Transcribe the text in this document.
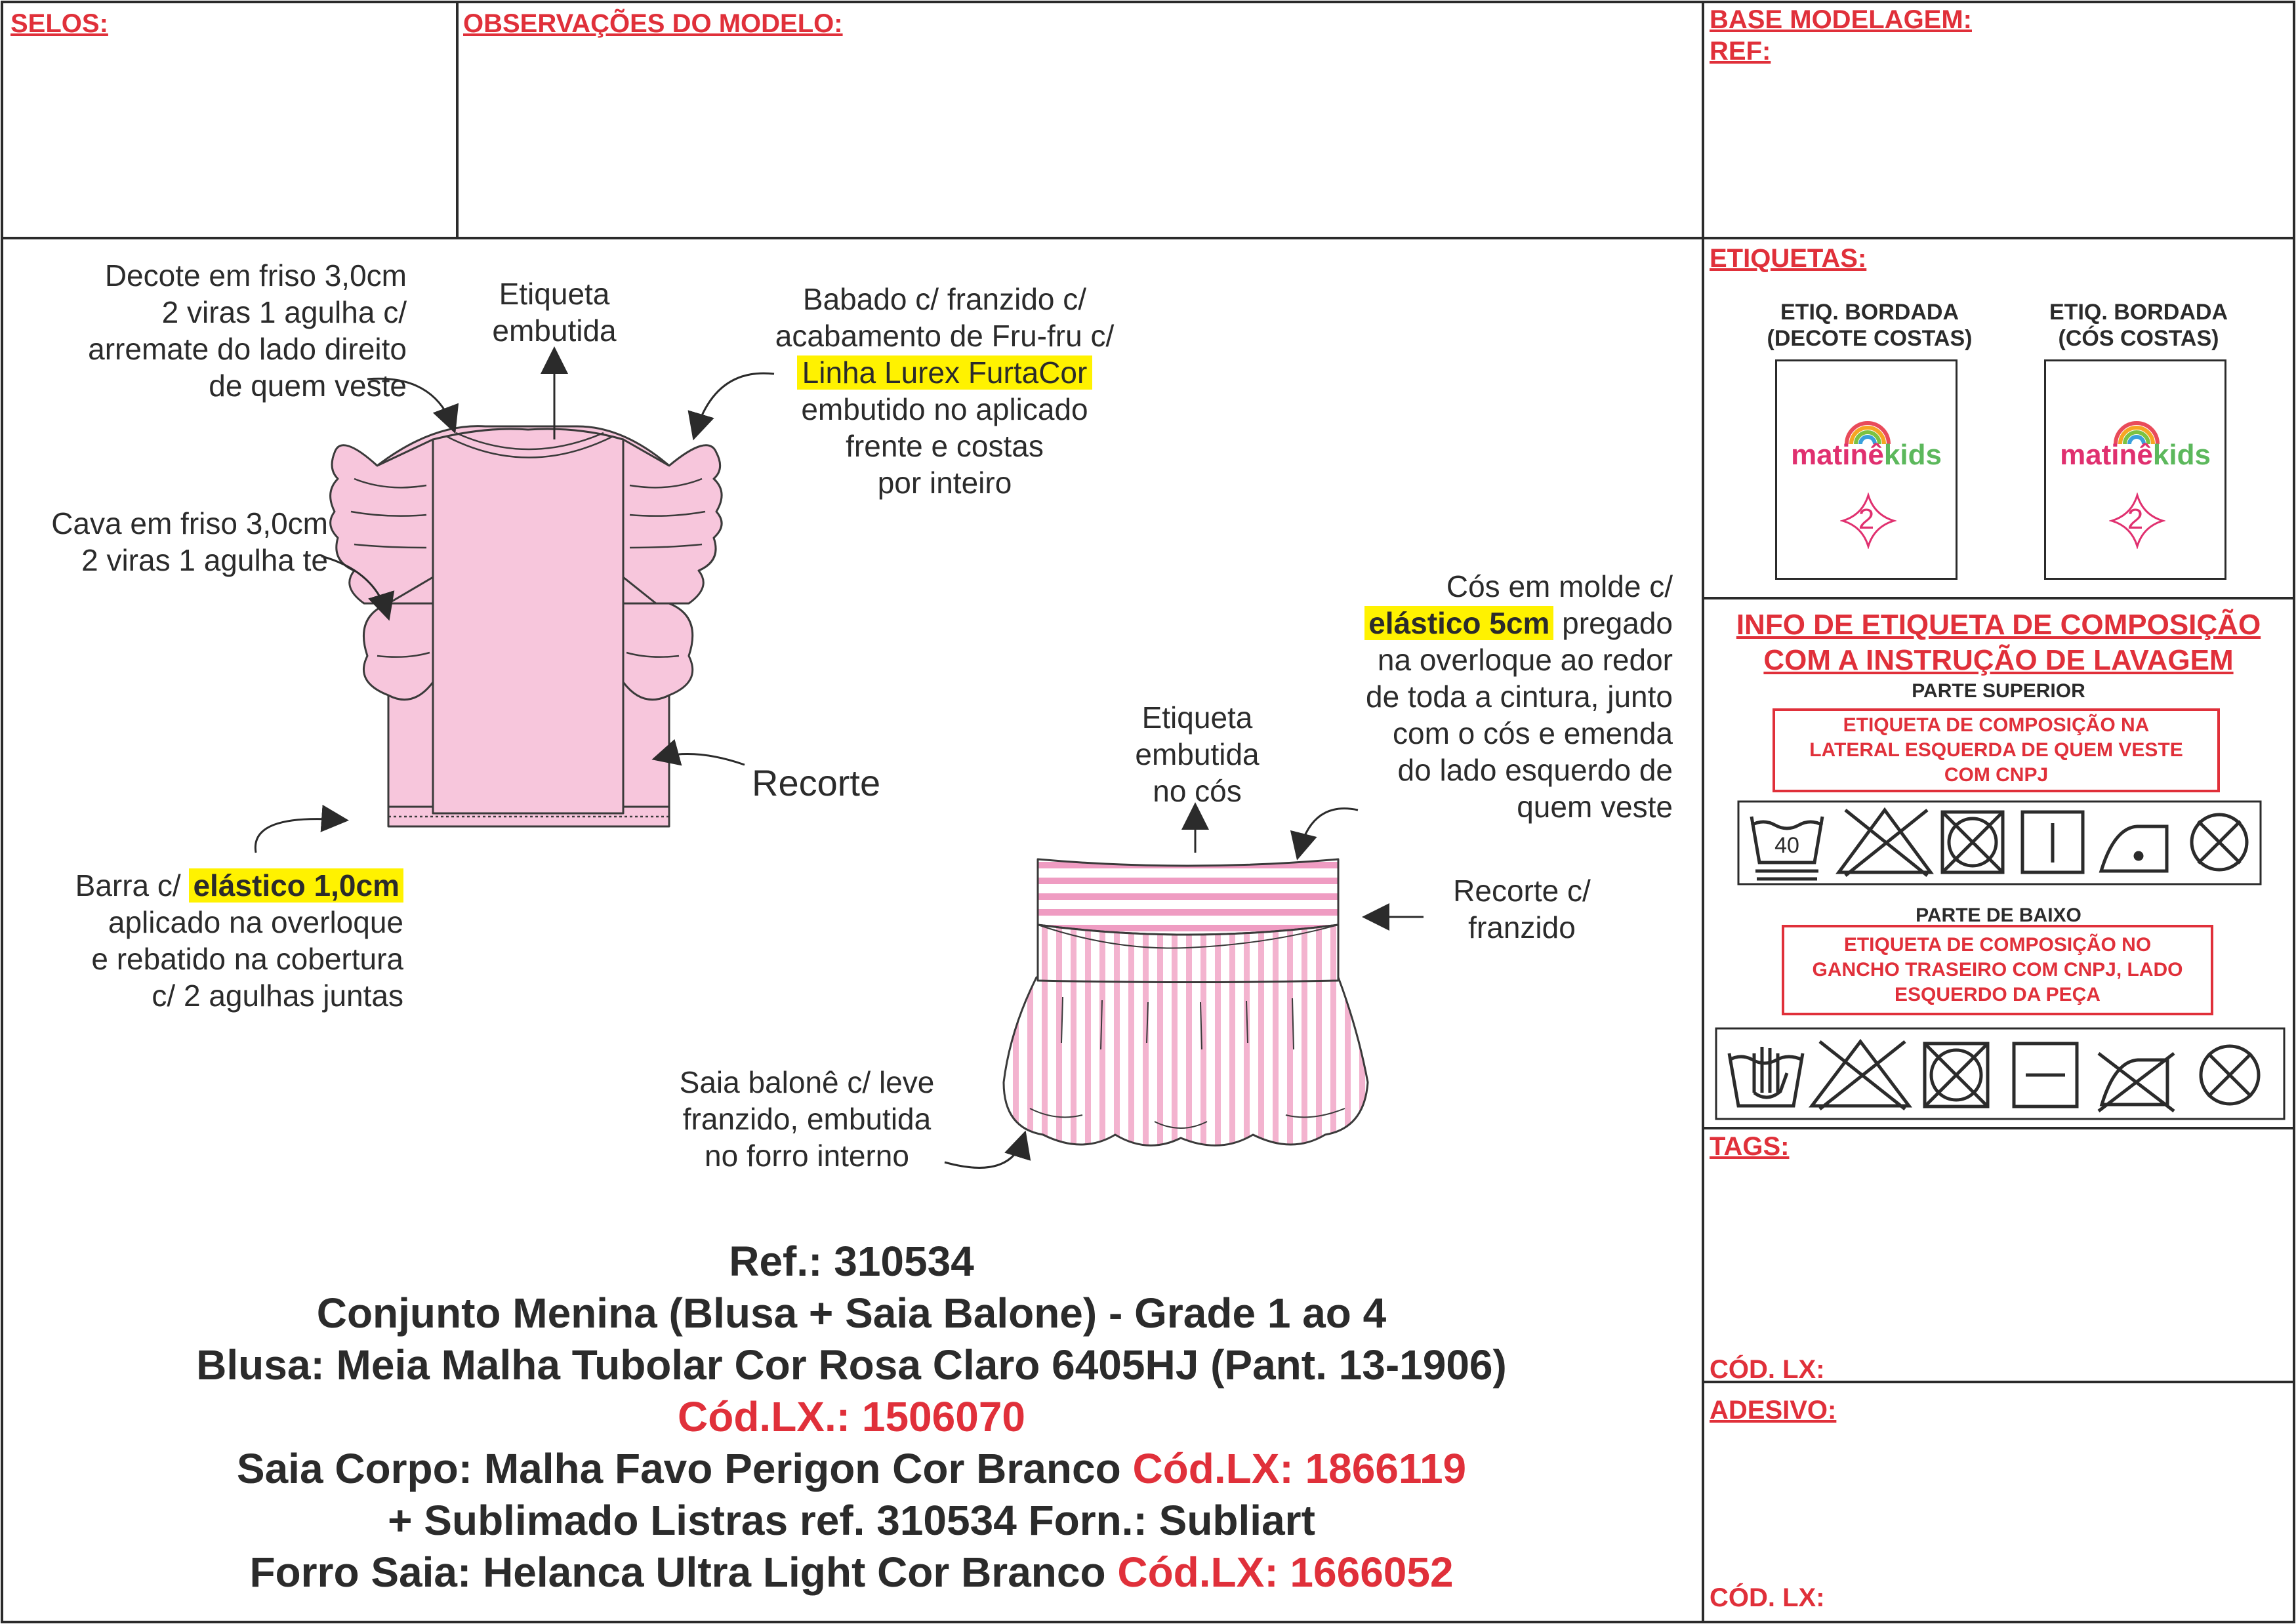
SELOS:	OBSERVAÇÕES DO MODELO:	BASE MODELAGEM:
REF:
Decote em friso 3,0cm
2 viras 1 agulha c/
arremate do lado direito
de quem veste
Etiqueta
embutida
Babado c/ franzido c/
acabamento de Fru-fru c/
Linha Lurex FurtaCor
embutido no aplicado
frente e costas
por inteiro
Cava em friso 3,0cm
2 viras 1 agulha te
Recorte
Barra c/ elástico 1,0cm
aplicado na overloque
e rebatido na cobertura
c/ 2 agulhas juntas
Cós em molde c/
elástico 5cm pregado
na overloque ao redor
de toda a cintura, junto
com o cós e emenda
do lado esquerdo de
quem veste
Etiqueta
embutida
no cós
Recorte c/
franzido
Saia balonê c/ leve
franzido, embutida
no forro interno
Ref.: 310534
Conjunto Menina (Blusa + Saia Balone) - Grade 1 ao 4
Blusa: Meia Malha Tubolar Cor Rosa Claro 6405HJ (Pant. 13-1906)
Cód.LX.: 1506070
Saia Corpo: Malha Favo Perigon Cor Branco Cód.LX: 1866119
+ Sublimado Listras ref. 310534 Forn.: Subliart
Forro Saia: Helanca Ultra Light Cor Branco Cód.LX: 1666052
ETIQUETAS:
ETIQ. BORDADA
(DECOTE COSTAS)
ETIQ. BORDADA
(CÓS COSTAS)
matinêkids
2
matinêkids
2
INFO DE ETIQUETA DE COMPOSIÇÃO
COM A INSTRUÇÃO DE LAVAGEM
PARTE SUPERIOR
ETIQUETA DE COMPOSIÇÃO NA
LATERAL ESQUERDA DE QUEM VESTE
COM CNPJ
40
PARTE DE BAIXO
ETIQUETA DE COMPOSIÇÃO NO
GANCHO TRASEIRO COM CNPJ, LADO
ESQUERDO DA PEÇA
TAGS:
CÓD. LX:
ADESIVO:
CÓD. LX:
